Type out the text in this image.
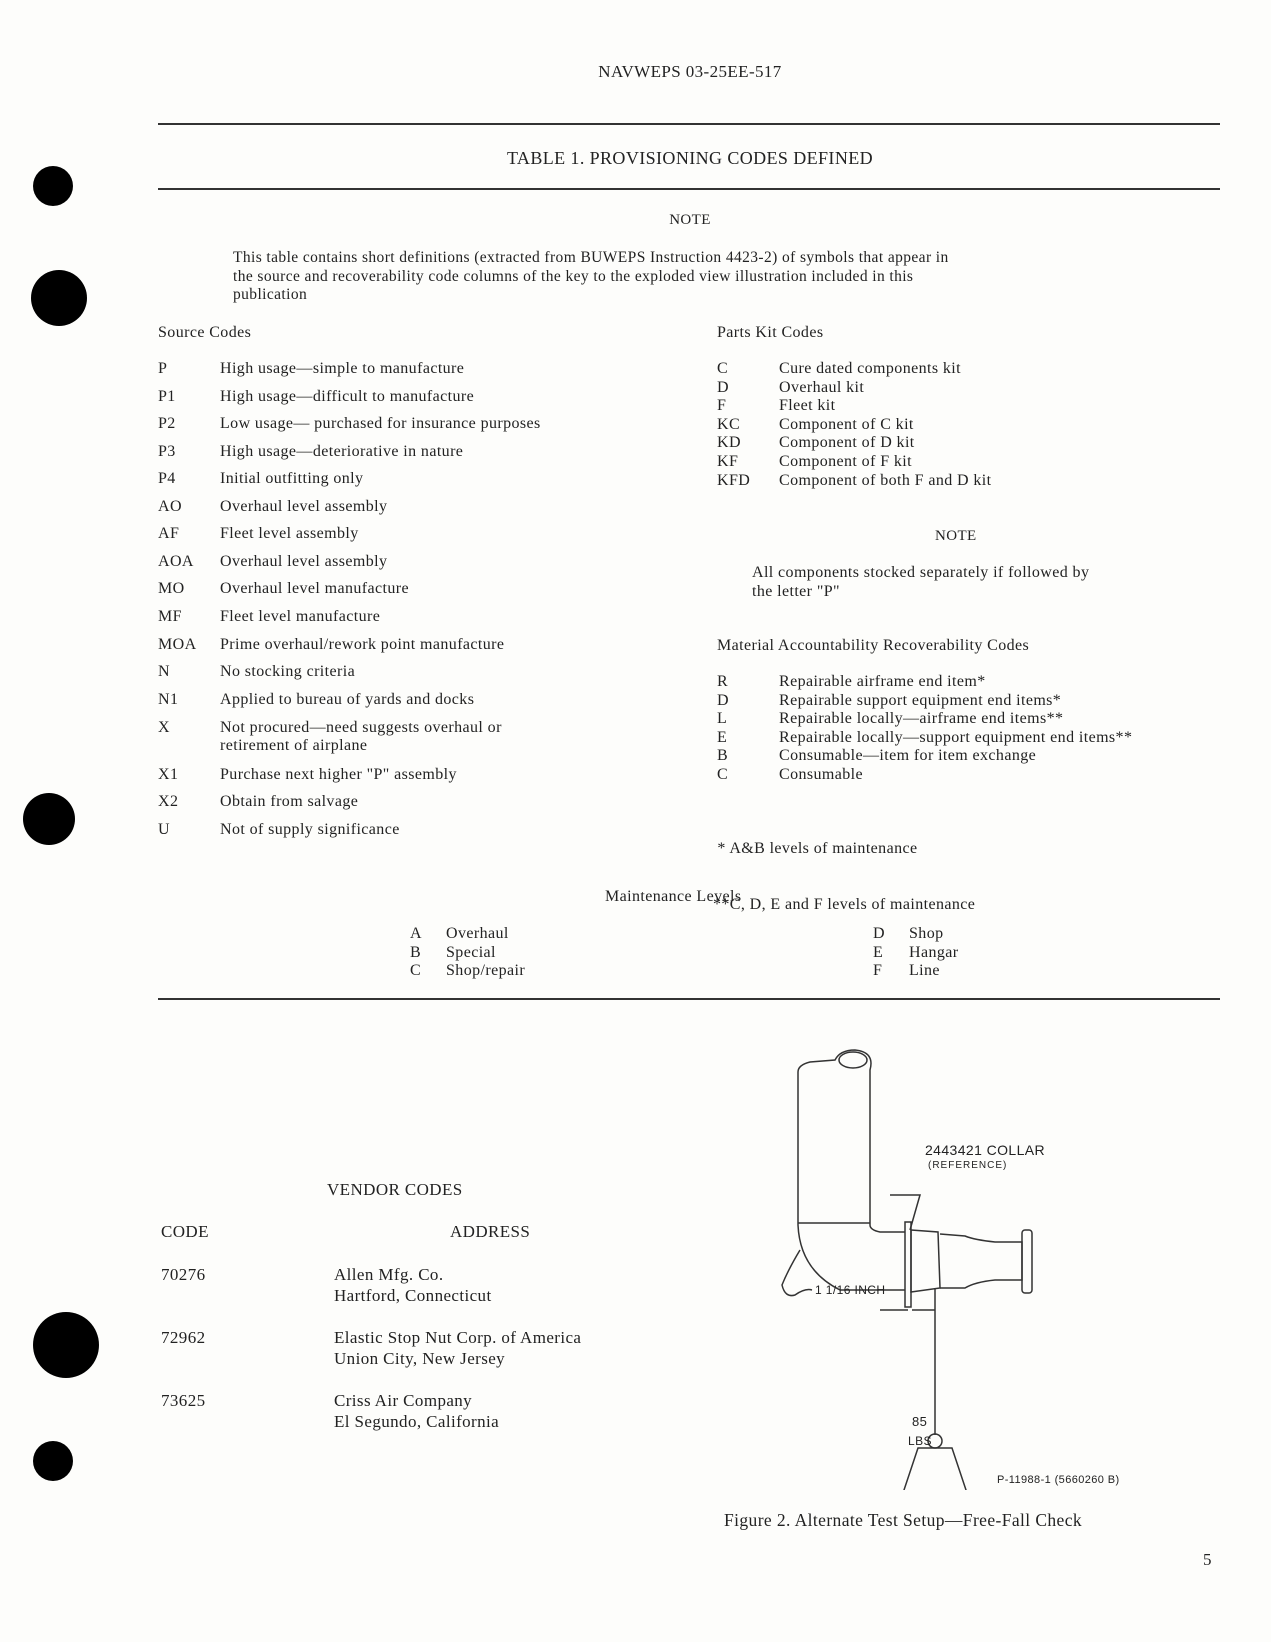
NAVWEPS 03-25EE-517
TABLE 1. PROVISIONING CODES DEFINED
NOTE
This table contains short definitions (extracted from BUWEPS Instruction 4423-2) of symbols that appear in
the source and recoverability code columns of the key to the exploded view illustration included in this
publication
Source Codes
P	High usage—simple to manufacture
P1	High usage—difficult to manufacture
P2	Low usage— purchased for insurance purposes
P3	High usage—deteriorative in nature
P4	Initial outfitting only
AO Overhaul level assembly
AF	Fleet level assembly
AOA Overhaul level assembly
MO Overhaul level manufacture
MF Fleet level manufacture
MOA Prime overhaul/rework point manufacture
N	No stocking criteria
N1	Applied to bureau of yards and docks
X	Not procured—need suggests overhaul or
retirement of airplane
X1	Purchase next higher "P" assembly
X2	Obtain from salvage
U	Not of supply significance
Parts Kit Codes
C	Cure dated components kit
D	Overhaul kit
F	Fleet kit
KC Component of C kit
KD Component of D kit
KF	Component of F kit
KFD Component of both F and D kit
NOTE
All components stocked separately if followed by
the letter "P"
Material Accountability Recoverability Codes
R	Repairable airframe end item*
D	Repairable support equipment end items*
L	Repairable locally—airframe end items**
E	Repairable locally—support equipment end items**
B	Consumable—item for item exchange
C	Consumable

* A&B levels of maintenance

**C, D, E and F levels of maintenance

Maintenance Levels
A Overhaul
B Special
C Shop/repair
D Shop
E Hangar
F Line
VENDOR CODES
CODE	ADDRESS
70276	Allen Mfg. Co.
Hartford, Connecticut
72962	Elastic Stop Nut Corp. of America
Union City, New Jersey
73625	Criss Air Company
El Segundo, California
2443421 COLLAR
(REFERENCE)
1 1/16 INCH
85
LBS
P-11988-1 (5660260 B)
Figure 2. Alternate Test Setup—Free-Fall Check
5
